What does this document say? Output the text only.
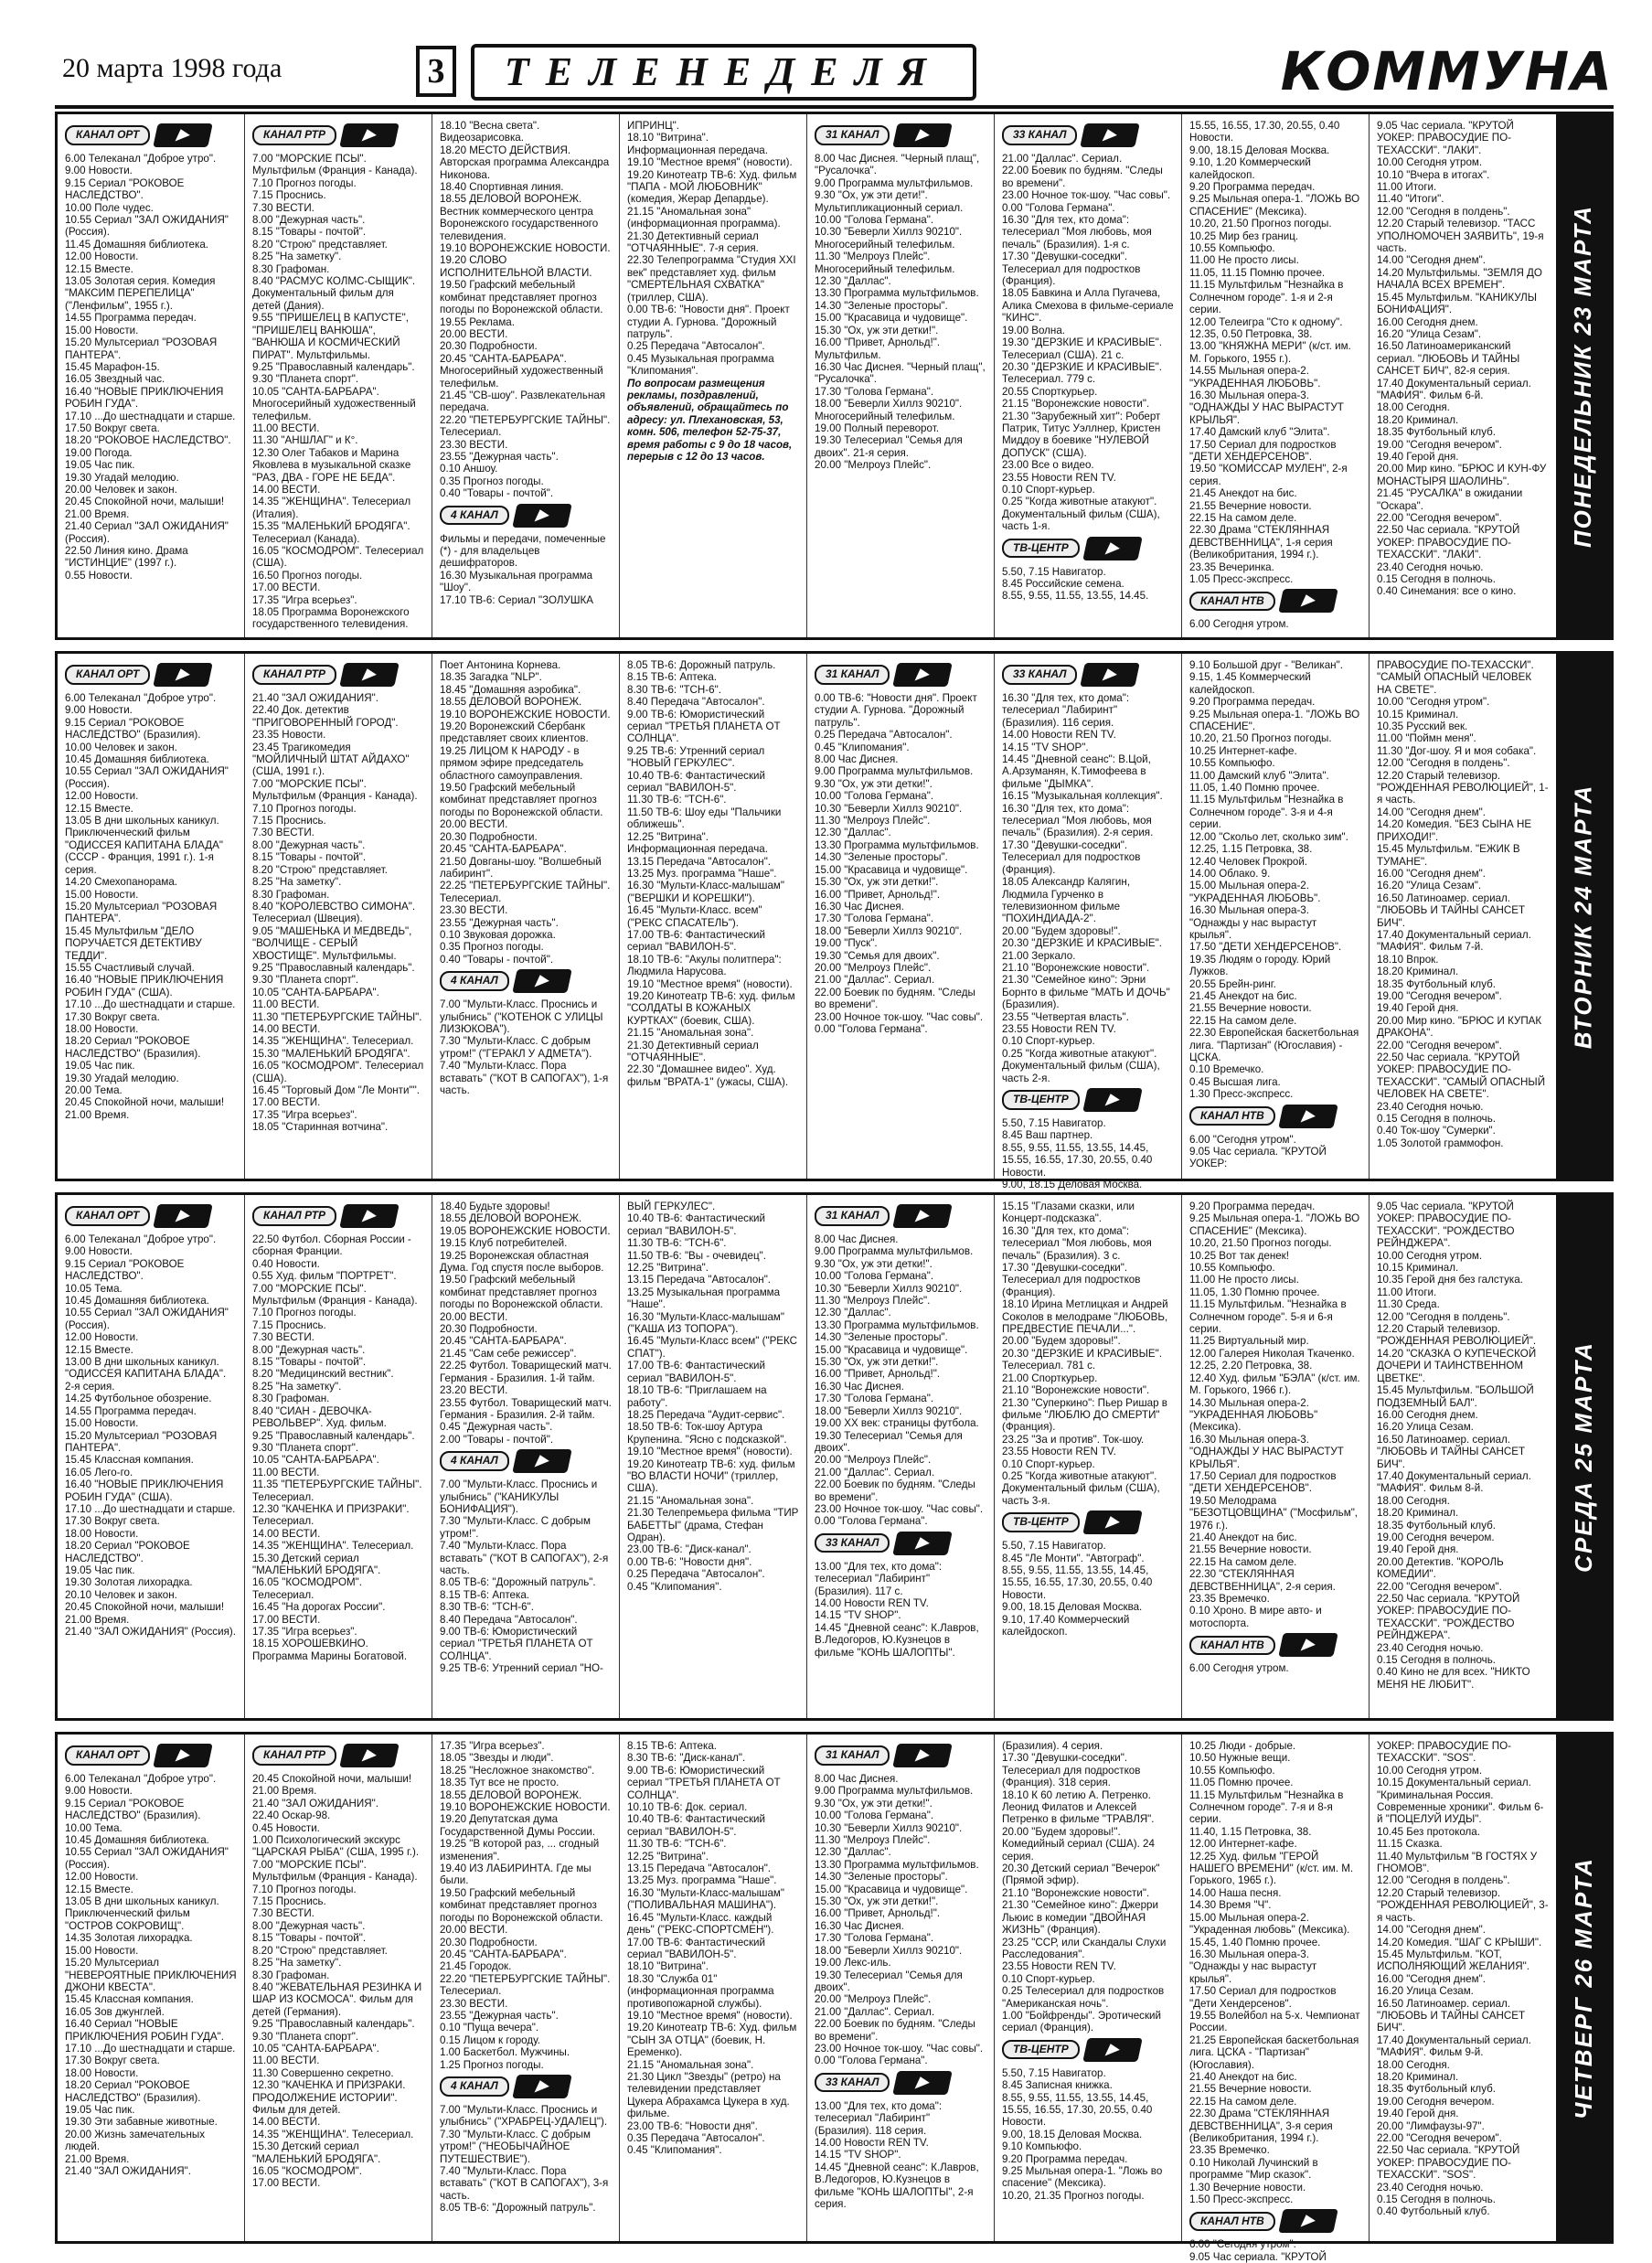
20 марта 1998 года	3	ТЕЛЕНЕДЕЛЯ	КОММУНА
КАНАЛ ОРТ	▶

6.00 Телеканал "Доброе утро".

9.00 Новости.

9.15 Сериал "РОКОВОЕ НАСЛЕДСТВО".

10.00 Поле чудес.

10.55 Сериал "ЗАЛ ОЖИДАНИЯ" (Россия).

11.45 Домашняя библиотека.

12.00 Новости.

12.15 Вместе.

13.05 Золотая серия. Комедия "МАКСИМ ПЕРЕПЕЛИЦА" ("Ленфильм", 1955 г.).

14.55 Программа передач.

15.00 Новости.

15.20 Мультсериал "РОЗОВАЯ ПАНТЕРА".

15.45 Марафон-15.

16.05 Звездный час.

16.40 "НОВЫЕ ПРИКЛЮЧЕНИЯ РОБИН ГУДА".

17.10 ...До шестнадцати и старше.

17.50 Вокруг света.

18.20 "РОКОВОЕ НАСЛЕДСТВО".

19.00 Погода.

19.05 Час пик.

19.30 Угадай мелодию.

20.00 Человек и закон.

20.45 Спокойной ночи, малыши!

21.00 Время.

21.40 Сериал "ЗАЛ ОЖИДАНИЯ" (Россия).

22.50 Линия кино. Драма "ИСТИНЦИЕ" (1997 г.).

0.55 Новости.

КАНАЛ РТР	▶

7.00 "МОРСКИЕ ПСЫ". Мультфильм (Франция - Канада).

7.10 Прогноз погоды.

7.15 Проснись.

7.30 ВЕСТИ.

8.00 "Дежурная часть".

8.15 "Товары - почтой".

8.20 "Строю" представляет.

8.25 "На заметку".

8.30 Графоман.

8.40 "РАСМУС КОЛМС-СЫЩИК". Документальный фильм для детей (Дания).

9.55 "ПРИШЕЛЕЦ В КАПУСТЕ", "ПРИШЕЛЕЦ ВАНЮША", "ВАНЮША И КОСМИЧЕСКИЙ ПИРАТ". Мультфильмы.

9.25 "Православный календарь".

9.30 "Планета спорт".

10.05 "САНТА-БАРБАРА". Многосерийный художественный телефильм.

11.00 ВЕСТИ.

11.30 "АНШЛАГ" и К°.

12.30 Олег Табаков и Марина Яковлева в музыкальной сказке "РАЗ, ДВА - ГОРЕ НЕ БЕДА".

14.00 ВЕСТИ.

14.35 "ЖЕНЩИНА". Телесериал (Италия).

15.35 "МАЛЕНЬКИЙ БРОДЯГА". Телесериал (Канада).

16.05 "КОСМОДРОМ". Телесериал (США).

16.50 Прогноз погоды.

17.00 ВЕСТИ.

17.35 "Игра всерьез".

18.05 Программа Воронежского государственного телевидения.

18.10 "Весна света". Видеозарисовка.

18.20 МЕСТО ДЕЙСТВИЯ. Авторская программа Александра Никонова.

18.40 Спортивная линия.

18.55 ДЕЛОВОЙ ВОРОНЕЖ. Вестник коммерческого центра Воронежского государственного телевидения.

19.10 ВОРОНЕЖСКИЕ НОВОСТИ.

19.20 СЛОВО ИСПОЛНИТЕЛЬНОЙ ВЛАСТИ.

19.50 Графский мебельный комбинат представляет прогноз погоды по Воронежской области.

19.55 Реклама.

20.00 ВЕСТИ.

20.30 Подробности.

20.45 "САНТА-БАРБАРА". Многосерийный художественный телефильм.

21.45 "СВ-шоу". Развлекательная передача.

22.20 "ПЕТЕРБУРГСКИЕ ТАЙНЫ". Телесериал.

23.30 ВЕСТИ.

23.55 "Дежурная часть".

0.10 Аншоу.

0.35 Прогноз погоды.

0.40 "Товары - почтой".

4 КАНАЛ	▶

Фильмы и передачи, помеченные (*) - для владельцев дешифраторов.

16.30 Музыкальная программа "Шоу".

17.10 ТВ-6: Сериал "ЗОЛУШКА

ИПРИНЦ".

18.10 "Витрина". Информационная передача.

19.10 "Местное время" (новости).

19.20 Кинотеатр ТВ-6: Худ. фильм "ПАПА - МОЙ ЛЮБОВНИК" (комедия, Жерар Депардье).

21.15 "Аномальная зона" (информационная программа).

21.30 Детективный сериал "ОТЧАЯННЫЕ". 7-я серия.

22.30 Телепрограмма "Студия XXI век" представляет худ. фильм "СМЕРТЕЛЬНАЯ СХВАТКА" (триллер, США).

0.00 ТВ-6: "Новости дня". Проект студии А. Гурнова. "Дорожный патруль".

0.25 Передача "Автосалон".

0.45 Музыкальная программа "Клипомания".

По вопросам размещения рекламы, поздравлений, объявлений, обращайтесь по адресу: ул. Плехановская, 53, комн. 506, телефон 52-75-37, время работы с 9 до 18 часов, перерыв с 12 до 13 часов.

31 КАНАЛ	▶

8.00 Час Диснея. "Черный плащ", "Русалочка".

9.00 Программа мультфильмов.

9.30 "Ох, уж эти дети!". Мультипликационный сериал.

10.00 "Голова Германа".

10.30 "Беверли Хиллз 90210". Многосерийный телефильм.

11.30 "Мелроуз Плейс". Многосерийный телефильм.

12.30 "Даллас".

13.30 Программа мультфильмов.

14.30 "Зеленые просторы".

15.00 "Красавица и чудовище".

15.30 "Ох, уж эти детки!".

16.00 "Привет, Арнольд!". Мультфильм.

16.30 Час Диснея. "Черный плащ", "Русалочка".

17.30 "Голова Германа".

18.00 "Беверли Хиллз 90210". Многосерийный телефильм.

19.00 Полный переворот.

19.30 Телесериал "Семья для двоих". 21-я серия.

20.00 "Мелроуз Плейс".

33 КАНАЛ	▶

21.00 "Даллас". Сериал.

22.00 Боевик по будням. "Следы во времени".

23.00 Ночное ток-шоу. "Час совы".

0.00 "Голова Германа".

16.30 "Для тех, кто дома": телесериал "Моя любовь, моя печаль" (Бразилия). 1-я с.

17.30 "Девушки-соседки". Телесериал для подростков (Франция).

18.05 Бавкина и Алла Пугачева, Алика Смехова в фильме-сериале "КИНС".

19.00 Волна.

19.30 "ДЕРЗКИЕ И КРАСИВЫЕ". Телесериал (США). 21 с.

20.30 "ДЕРЗКИЕ И КРАСИВЫЕ". Телесериал. 779 с.

20.55 Спорткурьер.

21.15 "Воронежские новости".

21.30 "Зарубежный хит": Роберт Патрик, Титус Уэллнер, Кристен Миддоу в боевике "НУЛЕВОЙ ДОПУСК" (США).

23.00 Все о видео.

23.55 Новости REN TV.

0.10 Спорт-курьер.

0.25 "Когда животные атакуют". Документальный фильм (США), часть 1-я.

ТВ-ЦЕНТР	▶

5.50, 7.15 Навигатор.

8.45 Российские семена.

8.55, 9.55, 11.55, 13.55, 14.45.

15.55, 16.55, 17.30, 20.55, 0.40 Новости.

9.00, 18.15 Деловая Москва.

9.10, 1.20 Коммерческий калейдоскоп.

9.20 Программа передач.

9.25 Мыльная опера-1. "ЛОЖЬ ВО СПАСЕНИЕ" (Мексика).

10.20, 21.50 Прогноз погоды.

10.25 Мир без границ.

10.55 Компьюфо.

11.00 Не просто лисы.

11.05, 11.15 Помню прочее.

11.15 Мультфильм "Незнайка в Солнечном городе". 1-я и 2-я серии.

12.00 Телеигра "Сто к одному".

12.35, 0.50 Петровка, 38.

13.00 "КНЯЖНА МЕРИ" (к/ст. им. М. Горького, 1955 г.).

14.55 Мыльная опера-2. "УКРАДЕННАЯ ЛЮБОВЬ".

16.30 Мыльная опера-3. "ОДНАЖДЫ У НАС ВЫРАСТУТ КРЫЛЬЯ".

17.40 Дамский клуб "Элита".

17.50 Сериал для подростков "ДЕТИ ХЕНДЕРСЕНОВ".

19.50 "КОМИССАР МУЛЕН", 2-я серия.

21.45 Анекдот на бис.

21.55 Вечерние новости.

22.15 На самом деле.

22.30 Драма "СТЕКЛЯННАЯ ДЕВСТВЕННИЦА", 1-я серия (Великобритания, 1994 г.).

23.35 Вечеринка.

1.05 Пресс-экспресс.

КАНАЛ НТВ	▶

6.00 Сегодня утром.

9.05 Час сериала. "КРУТОЙ УОКЕР: ПРАВОСУДИЕ ПО-ТЕХАССКИ". "ЛАКИ".

10.00 Сегодня утром.

10.10 "Вчера в итогах".

11.00 Итоги.

11.40 "Итоги".

12.00 "Сегодня в полдень".

12.20 Старый телевизор. "ТАСС УПОЛНОМОЧЕН ЗАЯВИТЬ", 19-я часть.

14.00 "Сегодня днем".

14.20 Мультфильмы. "ЗЕМЛЯ ДО НАЧАЛА ВСЕХ ВРЕМЕН".

15.45 Мультфильм. "КАНИКУЛЫ БОНИФАЦИЯ".

16.00 Сегодня днем.

16.20 "Улица Сезам".

16.50 Латиноамериканский сериал. "ЛЮБОВЬ И ТАЙНЫ САНСЕТ БИЧ", 82-я серия.

17.40 Документальный сериал. "МАФИЯ". Фильм 6-й.

18.00 Сегодня.

18.20 Криминал.

18.35 Футбольный клуб.

19.00 "Сегодня вечером".

19.40 Герой дня.

20.00 Мир кино. "БРЮС И КУН-ФУ МОНАСТЫРЯ ШАОЛИНЬ".

21.45 "РУСАЛКА" в ожидании "Оскара".

22.00 "Сегодня вечером".

22.50 Час сериала. "КРУТОЙ УОКЕР: ПРАВОСУДИЕ ПО-ТЕХАССКИ". "ЛАКИ".

23.40 Сегодня ночью.

0.15 Сегодня в полночь.

0.40 Синемания: все о кино.

ПОНЕДЕЛЬНИК 23 МАРТА
КАНАЛ ОРТ	▶

6.00 Телеканал "Доброе утро".

9.00 Новости.

9.15 Сериал "РОКОВОЕ НАСЛЕДСТВО" (Бразилия).

10.00 Человек и закон.

10.45 Домашняя библиотека.

10.55 Сериал "ЗАЛ ОЖИДАНИЯ" (Россия).

12.00 Новости.

12.15 Вместе.

13.05 В дни школьных каникул. Приключенческий фильм "ОДИССЕЯ КАПИТАНА БЛАДА" (СССР - Франция, 1991 г.). 1-я серия.

14.20 Смехопанорама.

15.00 Новости.

15.20 Мультсериал "РОЗОВАЯ ПАНТЕРА".

15.45 Мультфильм "ДЕЛО ПОРУЧАЕТСЯ ДЕТЕКТИВУ ТЕДДИ".

15.55 Счастливый случай.

16.40 "НОВЫЕ ПРИКЛЮЧЕНИЯ РОБИН ГУДА" (США).

17.10 ...До шестнадцати и старше.

17.30 Вокруг света.

18.00 Новости.

18.20 Сериал "РОКОВОЕ НАСЛЕДСТВО" (Бразилия).

19.05 Час пик.

19.30 Угадай мелодию.

20.00 Тема.

20.45 Спокойной ночи, малыши!

21.00 Время.

КАНАЛ РТР	▶

21.40 "ЗАЛ ОЖИДАНИЯ".

22.40 Док. детектив "ПРИГОВОРЕННЫЙ ГОРОД".

23.35 Новости.

23.45 Трагикомедия "МОЙЛИЧНЫЙ ШТАТ АЙДАХО" (США, 1991 г.).

7.00 "МОРСКИЕ ПСЫ". Мультфильм (Франция - Канада).

7.10 Прогноз погоды.

7.15 Проснись.

7.30 ВЕСТИ.

8.00 "Дежурная часть".

8.15 "Товары - почтой".

8.20 "Строю" представляет.

8.25 "На заметку".

8.30 Графоман.

8.40 "КОРОЛЕВСТВО СИМОНА". Телесериал (Швеция).

9.05 "МАШЕНЬКА И МЕДВЕДЬ", "ВОЛЧИЩЕ - СЕРЫЙ ХВОСТИЩЕ". Мультфильмы.

9.25 "Православный календарь".

9.30 "Планета спорт".

10.05 "САНТА-БАРБАРА".

11.00 ВЕСТИ.

11.30 "ПЕТЕРБУРГСКИЕ ТАЙНЫ".

14.00 ВЕСТИ.

14.35 "ЖЕНЩИНА". Телесериал.

15.30 "МАЛЕНЬКИЙ БРОДЯГА".

16.05 "КОСМОДРОМ". Телесериал (США).

16.45 "Торговый Дом "Ле Монти"".

17.00 ВЕСТИ.

17.35 "Игра всерьез".

18.05 "Старинная вотчина".

Поет Антонина Корнева.

18.35 Загадка "NLP".

18.45 "Домашняя аэробика".

18.55 ДЕЛОВОЙ ВОРОНЕЖ.

19.10 ВОРОНЕЖСКИЕ НОВОСТИ.

19.20 Воронежский Сбербанк представляет своих клиентов.

19.25 ЛИЦОМ К НАРОДУ - в прямом эфире председатель областного самоуправления.

19.50 Графский мебельный комбинат представляет прогноз погоды по Воронежской области.

20.00 ВЕСТИ.

20.30 Подробности.

20.45 "САНТА-БАРБАРА".

21.50 Довганы-шоу. "Волшебный лабиринт".

22.25 "ПЕТЕРБУРГСКИЕ ТАЙНЫ". Телесериал.

23.30 ВЕСТИ.

23.55 "Дежурная часть".

0.10 Звуковая дорожка.

0.35 Прогноз погоды.

0.40 "Товары - почтой".

4 КАНАЛ	▶

7.00 "Мульти-Класс. Проснись и улыбнись" ("КОТЕНОК С УЛИЦЫ ЛИЗЮКОВА").

7.30 "Мульти-Класс. С добрым утром!" ("ГЕРАКЛ У АДМЕТА").

7.40 "Мульти-Класс. Пора вставать" ("КОТ В САПОГАХ"), 1-я часть.

8.05 ТВ-6: Дорожный патруль.

8.15 ТВ-6: Аптека.

8.30 ТВ-6: "ТСН-6".

8.40 Передача "Автосалон".

9.00 ТВ-6: Юмористический сериал "ТРЕТЬЯ ПЛАНЕТА ОТ СОЛНЦА".

9.25 ТВ-6: Утренний сериал "НОВЫЙ ГЕРКУЛЕС".

10.40 ТВ-6: Фантастический сериал "ВАВИЛОН-5".

11.30 ТВ-6: "ТСН-6".

11.50 ТВ-6: Шоу еды "Пальчики оближешь".

12.25 "Витрина". Информационная передача.

13.15 Передача "Автосалон".

13.25 Муз. программа "Наше".

16.30 "Мульти-Класс-малышам" ("ВЕРШКИ И КОРЕШКИ").

16.45 "Мульти-Класс. всем" ("РЕКС СПАСАТЕЛЬ").

17.00 ТВ-6: Фантастический сериал "ВАВИЛОН-5".

18.10 ТВ-6: "Акулы политпера": Людмила Нарусова.

19.10 "Местное время" (новости).

19.20 Кинотеатр ТВ-6: худ. фильм "СОЛДАТЫ В КОЖАНЫХ КУРТКАХ" (боевик, США).

21.15 "Аномальная зона".

21.30 Детективный сериал "ОТЧАЯННЫЕ".

22.30 "Домашнее видео". Худ. фильм "ВРАТА-1" (ужасы, США).

31 КАНАЛ	▶

0.00 ТВ-6: "Новости дня". Проект студии А. Гурнова. "Дорожный патруль".

0.25 Передача "Автосалон".

0.45 "Клипомания".

8.00 Час Диснея.

9.00 Программа мультфильмов.

9.30 "Ох, уж эти детки!".

10.00 "Голова Германа".

10.30 "Беверли Хиллз 90210".

11.30 "Мелроуз Плейс".

12.30 "Даллас".

13.30 Программа мультфильмов.

14.30 "Зеленые просторы".

15.00 "Красавица и чудовище".

15.30 "Ох, уж эти детки!".

16.00 "Привет, Арнольд!".

16.30 Час Диснея.

17.30 "Голова Германа".

18.00 "Беверли Хиллз 90210".

19.00 "Пуск".

19.30 "Семья для двоих".

20.00 "Мелроуз Плейс".

21.00 "Даллас". Сериал.

22.00 Боевик по будням. "Следы во времени".

23.00 Ночное ток-шоу. "Час совы".

0.00 "Голова Германа".

33 КАНАЛ	▶

16.30 "Для тех, кто дома": телесериал "Лабиринт" (Бразилия). 116 серия.

14.00 Новости REN TV.

14.15 "TV SHOP".

14.45 "Дневной сеанс": В.Цой, А.Арзуманян, К.Тимофеева в фильме "ДЫМКА".

16.15 "Музыкальная коллекция".

16.30 "Для тех, кто дома": телесериал "Моя любовь, моя печаль" (Бразилия). 2-я серия.

17.30 "Девушки-соседки". Телесериал для подростков (Франция).

18.05 Александр Калягин, Людмила Гурченко в телевизионном фильме "ПОХИНДИАДА-2".

20.00 "Будем здоровы!".

20.30 "ДЕРЗКИЕ И КРАСИВЫЕ".

21.00 Зеркало.

21.10 "Воронежские новости".

21.30 "Семейное кино": Эрни Борнто в фильме "МАТЬ И ДОЧЬ" (Бразилия).

23.55 "Четвертая власть".

23.55 Новости REN TV.

0.10 Спорт-курьер.

0.25 "Когда животные атакуют". Документальный фильм (США), часть 2-я.

ТВ-ЦЕНТР	▶

5.50, 7.15 Навигатор.

8.45 Ваш партнер.

8.55, 9.55, 11.55, 13.55, 14.45, 15.55, 16.55, 17.30, 20.55, 0.40 Новости.

9.00, 18.15 Деловая Москва.

9.10 Большой друг - "Великан".

9.15, 1.45 Коммерческий калейдоскоп.

9.20 Программа передач.

9.25 Мыльная опера-1. "ЛОЖЬ ВО СПАСЕНИЕ".

10.20, 21.50 Прогноз погоды.

10.25 Интернет-кафе.

10.55 Компьюфо.

11.00 Дамский клуб "Элита".

11.05, 1.40 Помню прочее.

11.15 Мультфильм "Незнайка в Солнечном городе". 3-я и 4-я серии.

12.00 "Скольо лет, сколько зим".

12.25, 1.15 Петровка, 38.

12.40 Человек Прокрой.

14.00 Облако. 9.

15.00 Мыльная опера-2. "УКРАДЕННАЯ ЛЮБОВЬ".

16.30 Мыльная опера-3. "Однажды у нас вырастут крылья".

17.50 "ДЕТИ ХЕНДЕРСЕНОВ".

19.35 Людям о городу. Юрий Лужков.

20.55 Брейн-ринг.

21.45 Анекдот на бис.

21.55 Вечерние новости.

22.15 На самом деле.

22.30 Европейская баскетбольная лига. "Партизан" (Югославия) - ЦСКА.

0.10 Времечко.

0.45 Высшая лига.

1.30 Пресс-экспресс.

КАНАЛ НТВ	▶

6.00 "Сегодня утром".

9.05 Час сериала. "КРУТОЙ УОКЕР:

ПРАВОСУДИЕ ПО-ТЕХАССКИ". "САМЫЙ ОПАСНЫЙ ЧЕЛОВЕК НА СВЕТЕ".

10.00 "Сегодня утром".

10.15 Криминал.

10.35 Русский век.

11.00 "Поймн меня".

11.30 "Дог-шоу. Я и моя собака".

12.00 "Сегодня в полдень".

12.20 Старый телевизор. "РОЖДЕННАЯ РЕВОЛЮЦИЕЙ", 1-я часть.

14.00 "Сегодня днем".

14.20 Комедия. "БЕЗ СЫНА НЕ ПРИХОДИ!".

15.45 Мультфильм. "ЕЖИК В ТУМАНЕ".

16.00 "Сегодня днем".

16.20 "Улица Сезам".

16.50 Латиноамер. сериал. "ЛЮБОВЬ И ТАЙНЫ САНСЕТ БИЧ".

17.40 Документальный сериал. "МАФИЯ". Фильм 7-й.

18.10 Впрок.

18.20 Криминал.

18.35 Футбольный клуб.

19.00 "Сегодня вечером".

19.40 Герой дня.

20.00 Мир кино. "БРЮС И КУПАК ДРАКОНА".

22.00 "Сегодня вечером".

22.50 Час сериала. "КРУТОЙ УОКЕР: ПРАВОСУДИЕ ПО-ТЕХАССКИ". "САМЫЙ ОПАСНЫЙ ЧЕЛОВЕК НА СВЕТЕ".

23.40 Сегодня ночью.

0.15 Сегодня в полночь.

0.40 Ток-шоу "Сумерки".

1.05 Золотой граммофон.

ВТОРНИК 24 МАРТА
КАНАЛ ОРТ	▶

6.00 Телеканал "Доброе утро".

9.00 Новости.

9.15 Сериал "РОКОВОЕ НАСЛЕДСТВО".

10.05 Тема.

10.45 Домашняя библиотека.

10.55 Сериал "ЗАЛ ОЖИДАНИЯ" (Россия).

12.00 Новости.

12.15 Вместе.

13.00 В дни школьных каникул. "ОДИССЕЯ КАПИТАНА БЛАДА". 2-я серия.

14.25 Футбольное обозрение.

14.55 Программа передач.

15.00 Новости.

15.20 Мультсериал "РОЗОВАЯ ПАНТЕРА".

15.45 Классная компания.

16.05 Лего-го.

16.40 "НОВЫЕ ПРИКЛЮЧЕНИЯ РОБИН ГУДА" (США).

17.10 ...До шестнадцати и старше.

17.30 Вокруг света.

18.00 Новости.

18.20 Сериал "РОКОВОЕ НАСЛЕДСТВО".

19.05 Час пик.

19.30 Золотая лихорадка.

20.10 Человек и закон.

20.45 Спокойной ночи, малыши!

21.00 Время.

21.40 "ЗАЛ ОЖИДАНИЯ" (Россия).

КАНАЛ РТР	▶

22.50 Футбол. Сборная России - сборная Франции.

0.40 Новости.

0.55 Худ. фильм "ПОРТРЕТ".

7.00 "МОРСКИЕ ПСЫ". Мультфильм (Франция - Канада).

7.10 Прогноз погоды.

7.15 Проснись.

7.30 ВЕСТИ.

8.00 "Дежурная часть".

8.15 "Товары - почтой".

8.20 "Медицинский вестник".

8.25 "На заметку".

8.30 Графоман.

8.40 "СИАН - ДЕВОЧКА-РЕВОЛЬВЕР". Худ. фильм.

9.25 "Православный календарь".

9.30 "Планета спорт".

10.05 "САНТА-БАРБАРА".

11.00 ВЕСТИ.

11.35 "ПЕТЕРБУРГСКИЕ ТАЙНЫ". Телесериал.

12.30 "КАЧЕНКА И ПРИЗРАКИ". Телесериал.

14.00 ВЕСТИ.

14.35 "ЖЕНЩИНА". Телесериал.

15.30 Детский сериал "МАЛЕНЬКИЙ БРОДЯГА".

16.05 "КОСМОДРОМ". Телесериал.

16.45 "На дорогах России".

17.00 ВЕСТИ.

17.35 "Игра всерьез".

18.15 ХОРОШЕВКИНО. Программа Марины Богатовой.

18.40 Будьте здоровы!

18.55 ДЕЛОВОЙ ВОРОНЕЖ.

19.05 ВОРОНЕЖСКИЕ НОВОСТИ.

19.15 Клуб потребителей.

19.25 Воронежская областная Дума. Год спустя после выборов.

19.50 Графский мебельный комбинат представляет прогноз погоды по Воронежской области.

20.00 ВЕСТИ.

20.30 Подробности.

20.45 "САНТА-БАРБАРА".

21.45 "Сам себе режиссер".

22.25 Футбол. Товарищеский матч. Германия - Бразилия. 1-й тайм.

23.20 ВЕСТИ.

23.55 Футбол. Товарищеский матч. Германия - Бразилия. 2-й тайм.

0.45 "Дежурная часть".

2.00 "Товары - почтой".

4 КАНАЛ	▶

7.00 "Мульти-Класс. Проснись и улыбнись" ("КАНИКУЛЫ БОНИФАЦИЯ").

7.30 "Мульти-Класс. С добрым утром!".

7.40 "Мульти-Класс. Пора вставать" ("КОТ В САПОГАХ"), 2-я часть.

8.05 ТВ-6: "Дорожный патруль".

8.15 ТВ-6: Аптека.

8.30 ТВ-6: "ТСН-6".

8.40 Передача "Автосалон".

9.00 ТВ-6: Юмористический сериал "ТРЕТЬЯ ПЛАНЕТА ОТ СОЛНЦА".

9.25 ТВ-6: Утренний сериал "НО-

ВЫЙ ГЕРКУЛЕС".

10.40 ТВ-6: Фантастический сериал "ВАВИЛОН-5".

11.30 ТВ-6: "ТСН-6".

11.50 ТВ-6: "Вы - очевидец".

12.25 "Витрина".

13.15 Передача "Автосалон".

13.25 Музыкальная программа "Наше".

16.30 "Мульти-Класс-малышам" ("КАША ИЗ ТОПОРА").

16.45 "Мульти-Класс всем" ("РЕКС СПАТ").

17.00 ТВ-6: Фантастический сериал "ВАВИЛОН-5".

18.10 ТВ-6: "Приглашаем на работу".

18.25 Передача "Аудит-сервис".

18.50 ТВ-6: Ток-шоу Артура Крупенина. "Ясно с подсказкой".

19.10 "Местное время" (новости).

19.20 Кинотеатр ТВ-6: худ. фильм "ВО ВЛАСТИ НОЧИ" (триллер, США).

21.15 "Аномальная зона".

21.30 Телепремьера фильма "ТИР БАБЕТТЫ" (драма, Стефан Одран).

23.00 ТВ-6: "Диск-канал".

0.00 ТВ-6: "Новости дня".

0.25 Передача "Автосалон".

0.45 "Клипомания".

31 КАНАЛ	▶

8.00 Час Диснея.

9.00 Программа мультфильмов.

9.30 "Ох, уж эти детки!".

10.00 "Голова Германа".

10.30 "Беверли Хиллз 90210".

11.30 "Мелроуз Плейс".

12.30 "Даллас".

13.30 Программа мультфильмов.

14.30 "Зеленые просторы".

15.00 "Красавица и чудовище".

15.30 "Ох, уж эти детки!".

16.00 "Привет, Арнольд!".

16.30 Час Диснея.

17.30 "Голова Германа".

18.00 "Беверли Хиллз 90210".

19.00 XX век: страницы футбола.

19.30 Телесериал "Семья для двоих".

20.00 "Мелроуз Плейс".

21.00 "Даллас". Сериал.

22.00 Боевик по будням. "Следы во времени".

23.00 Ночное ток-шоу. "Час совы".

0.00 "Голова Германа".

33 КАНАЛ	▶

13.00 "Для тех, кто дома": телесериал "Лабиринт" (Бразилия). 117 с.

14.00 Новости REN TV.

14.15 "TV SHOP".

14.45 "Дневной сеанс": К.Лавров, В.Ледогоров, Ю.Кузнецов в фильме "КОНЬ ШАЛОПТЫ".

15.15 "Глазами сказки, или Концерт-подсказка".

16.30 "Для тех, кто дома": телесериал "Моя любовь, моя печаль" (Бразилия). 3 с.

17.30 "Девушки-соседки". Телесериал для подростков (Франция).

18.10 Ирина Метлицкая и Андрей Соколов в мелодраме "ЛЮБОВЬ, ПРЕДВЕСТИЕ ПЕЧАЛИ...".

20.00 "Будем здоровы!".

20.30 "ДЕРЗКИЕ И КРАСИВЫЕ". Телесериал. 781 с.

21.00 Спорткурьер.

21.10 "Воронежские новости".

21.30 "Суперкино": Пьер Ришар в фильме "ЛЮБЛЮ ДО СМЕРТИ" (Франция).

23.25 "За и против". Ток-шоу.

23.55 Новости REN TV.

0.10 Спорт-курьер.

0.25 "Когда животные атакуют". Документальный фильм (США), часть 3-я.

ТВ-ЦЕНТР	▶

5.50, 7.15 Навигатор.

8.45 "Ле Монти". "Автограф".

8.55, 9.55, 11.55, 13.55, 14.45, 15.55, 16.55, 17.30, 20.55, 0.40 Новости.

9.00, 18.15 Деловая Москва.

9.10, 17.40 Коммерческий калейдоскоп.

9.20 Программа передач.

9.25 Мыльная опера-1. "ЛОЖЬ ВО СПАСЕНИЕ" (Мексика).

10.20, 21.50 Прогноз погоды.

10.25 Вот так денек!

10.55 Компьюфо.

11.00 Не просто лисы.

11.05, 1.30 Помню прочее.

11.15 Мультфильм. "Незнайка в Солнечном городе". 5-я и 6-я серии.

11.25 Виртуальный мир.

12.00 Галерея Николая Ткаченко.

12.25, 2.20 Петровка, 38.

12.40 Худ. фильм "БЭЛА" (к/ст. им. М. Горького, 1966 г.).

14.30 Мыльная опера-2. "УКРАДЕННАЯ ЛЮБОВЬ" (Мексика).

16.30 Мыльная опера-3. "ОДНАЖДЫ У НАС ВЫРАСТУТ КРЫЛЬЯ".

17.50 Сериал для подростков "ДЕТИ ХЕНДЕРСЕНОВ".

19.50 Мелодрама "БЕЗОТЦОВЩИНА" ("Мосфильм", 1976 г.).

21.40 Анекдот на бис.

21.55 Вечерние новости.

22.15 На самом деле.

22.30 "СТЕКЛЯННАЯ ДЕВСТВЕННИЦА", 2-я серия.

23.35 Времечко.

0.10 Хроно. В мире авто- и мотоспорта.

КАНАЛ НТВ	▶

6.00 Сегодня утром.

9.05 Час сериала. "КРУТОЙ УОКЕР: ПРАВОСУДИЕ ПО-ТЕХАССКИ". "РОЖДЕСТВО РЕЙНДЖЕРА".

10.00 Сегодня утром.

10.15 Криминал.

10.35 Герой дня без галстука.

11.00 Итоги.

11.30 Среда.

12.00 "Сегодня в полдень".

12.20 Старый телевизор. "РОЖДЕННАЯ РЕВОЛЮЦИЕЙ".

14.20 "СКАЗКА О КУПЕЧЕСКОЙ ДОЧЕРИ И ТАИНСТВЕННОМ ЦВЕТКЕ".

15.45 Мультфильм. "БОЛЬШОЙ ПОДЗЕМНЫЙ БАЛ".

16.00 Сегодня днем.

16.20 Улица Сезам.

16.50 Латиноамер. сериал. "ЛЮБОВЬ И ТАЙНЫ САНСЕТ БИЧ".

17.40 Документальный сериал. "МАФИЯ". Фильм 8-й.

18.00 Сегодня.

18.20 Криминал.

18.35 Футбольный клуб.

19.00 Сегодня вечером.

19.40 Герой дня.

20.00 Детектив. "КОРОЛЬ КОМЕДИИ".

22.00 "Сегодня вечером".

22.50 Час сериала. "КРУТОЙ УОКЕР: ПРАВОСУДИЕ ПО-ТЕХАССКИ". "РОЖДЕСТВО РЕЙНДЖЕРА".

23.40 Сегодня ночью.

0.15 Сегодня в полночь.

0.40 Кино не для всех. "НИКТО МЕНЯ НЕ ЛЮБИТ".

СРЕДА 25 МАРТА
КАНАЛ ОРТ	▶

6.00 Телеканал "Доброе утро".

9.00 Новости.

9.15 Сериал "РОКОВОЕ НАСЛЕДСТВО" (Бразилия).

10.00 Тема.

10.45 Домашняя библиотека.

10.55 Сериал "ЗАЛ ОЖИДАНИЯ" (Россия).

12.00 Новости.

12.15 Вместе.

13.05 В дни школьных каникул. Приключенческий фильм "ОСТРОВ СОКРОВИЩ".

14.35 Золотая лихорадка.

15.00 Новости.

15.20 Мультсериал "НЕВЕРОЯТНЫЕ ПРИКЛЮЧЕНИЯ ДЖОНИ КВЕСТА".

15.45 Классная компания.

16.05 Зов джунглей.

16.40 Сериал "НОВЫЕ ПРИКЛЮЧЕНИЯ РОБИН ГУДА".

17.10 ...До шестнадцати и старше.

17.30 Вокруг света.

18.00 Новости.

18.20 Сериал "РОКОВОЕ НАСЛЕДСТВО" (Бразилия).

19.05 Час пик.

19.30 Эти забавные животные.

20.00 Жизнь замечательных людей.

21.00 Время.

21.40 "ЗАЛ ОЖИДАНИЯ".

КАНАЛ РТР	▶

20.45 Спокойной ночи, малыши!

21.00 Время.

21.40 "ЗАЛ ОЖИДАНИЯ".

22.40 Оскар-98.

0.45 Новости.

1.00 Психологический экскурс "ЦАРСКАЯ РЫБА" (США, 1995 г.).

7.00 "МОРСКИЕ ПСЫ". Мультфильм (Франция - Канада).

7.10 Прогноз погоды.

7.15 Проснись.

7.30 ВЕСТИ.

8.00 "Дежурная часть".

8.15 "Товары - почтой".

8.20 "Строю" представляет.

8.25 "На заметку".

8.30 Графоман.

8.40 "ЖЕВАТЕЛЬНАЯ РЕЗИНКА И ШАР ИЗ КОСМОСА". Фильм для детей (Германия).

9.25 "Православный календарь".

9.30 "Планета спорт".

10.05 "САНТА-БАРБАРА".

11.00 ВЕСТИ.

11.30 Совершенно секретно.

12.30 "КАЧЕНКА И ПРИЗРАКИ. ПРОДОЛЖЕНИЕ ИСТОРИИ". Фильм для детей.

14.00 ВЕСТИ.

14.35 "ЖЕНЩИНА". Телесериал.

15.30 Детский сериал "МАЛЕНЬКИЙ БРОДЯГА".

16.05 "КОСМОДРОМ".

17.00 ВЕСТИ.

17.35 "Игра всерьез".

18.05 "Звезды и люди".

18.25 "Несложное знакомство".

18.35 Тут все не просто.

18.55 ДЕЛОВОЙ ВОРОНЕЖ.

19.10 ВОРОНЕЖСКИЕ НОВОСТИ.

19.20 Депутатская дума Государственной Думы России.

19.25 "В которой раз, ... сгодный изменения".

19.40 ИЗ ЛАБИРИНТА. Где мы были.

19.50 Графский мебельный комбинат представляет прогноз погоды по Воронежской области.

20.00 ВЕСТИ.

20.30 Подробности.

20.45 "САНТА-БАРБАРА".

21.45 Городок.

22.20 "ПЕТЕРБУРГСКИЕ ТАЙНЫ". Телесериал.

23.30 ВЕСТИ.

23.55 "Дежурная часть".

0.10 "Пуща вечера".

0.15 Лицом к городу.

1.00 Баскетбол. Мужчины.

1.25 Прогноз погоды.

4 КАНАЛ	▶

7.00 "Мульти-Класс. Проснись и улыбнись" ("ХРАБРЕЦ-УДАЛЕЦ").

7.30 "Мульти-Класс. С добрым утром!" ("НЕОБЫЧАЙНОЕ ПУТЕШЕСТВИЕ").

7.40 "Мульти-Класс. Пора вставать" ("КОТ В САПОГАХ"), 3-я часть.

8.05 ТВ-6: "Дорожный патруль".

8.15 ТВ-6: Аптека.

8.30 ТВ-6: "Диск-канал".

9.00 ТВ-6: Юмористический сериал "ТРЕТЬЯ ПЛАНЕТА ОТ СОЛНЦА".

10.10 ТВ-6: Док. сериал.

10.40 ТВ-6: Фантастический сериал "ВАВИЛОН-5".

11.30 ТВ-6: "ТСН-6".

12.25 "Витрина".

13.15 Передача "Автосалон".

13.25 Муз. программа "Наше".

16.30 "Мульти-Класс-малышам" ("ПОЛИВАЛЬНАЯ МАШИНА").

16.45 "Мульти-Класс. каждый день" ("РЕКС-СПОРТСМЕН").

17.00 ТВ-6: Фантастический сериал "ВАВИЛОН-5".

18.10 "Витрина".

18.30 "Служба 01" (информационная программа противопожарной службы).

19.10 "Местное время" (новости).

19.20 Кинотеатр ТВ-6: Худ. фильм "СЫН ЗА ОТЦА" (боевик, Н. Еременко).

21.15 "Аномальная зона".

21.30 Цикл "Звезды" (ретро) на телевидении представляет Цукера Абрахамса Цукера в худ. фильме.

23.00 ТВ-6: "Новости дня".

0.35 Передача "Автосалон".

0.45 "Клипомания".

31 КАНАЛ	▶

8.00 Час Диснея.

9.00 Программа мультфильмов.

9.30 "Ох, уж эти детки!".

10.00 "Голова Германа".

10.30 "Беверли Хиллз 90210".

11.30 "Мелроуз Плейс".

12.30 "Даллас".

13.30 Программа мультфильмов.

14.30 "Зеленые просторы".

15.00 "Красавица и чудовище".

15.30 "Ох, уж эти детки!".

16.00 "Привет, Арнольд!".

16.30 Час Диснея.

17.30 "Голова Германа".

18.00 "Беверли Хиллз 90210".

19.00 Лекс-иль.

19.30 Телесериал "Семья для двоих".

20.00 "Мелроуз Плейс".

21.00 "Даллас". Сериал.

22.00 Боевик по будням. "Следы во времени".

23.00 Ночное ток-шоу. "Час совы".

0.00 "Голова Германа".

33 КАНАЛ	▶

13.00 "Для тех, кто дома": телесериал "Лабиринт" (Бразилия). 118 серия.

14.00 Новости REN TV.

14.15 "TV SHOP".

14.45 "Дневной сеанс": К.Лавров, В.Ледогоров, Ю.Кузнецов в фильме "КОНЬ ШАЛОПТЫ", 2-я серия.

(Бразилия). 4 серия.

17.30 "Девушки-соседки". Телесериал для подростков (Франция). 318 серия.

18.10 К 60 летию А. Петренко. Леонид Филатов и Алексей Петренко в фильме "ТРАВЛЯ".

20.00 "Будем здоровы!". Комедийный сериал (США). 24 серия.

20.30 Детский сериал "Вечерок" (Прямой эфир).

21.10 "Воронежские новости".

21.30 "Семейное кино": Джерри Льюис в комедии "ДВОЙНАЯ ЖИЗНЬ" (Франция).

23.25 "ССР, или Скандалы Слухи Расследования".

23.55 Новости REN TV.

0.10 Спорт-курьер.

0.25 Телесериал для подростков "Американская ночь".

1.00 "Бойфренды". Эротический сериал (Франция).

ТВ-ЦЕНТР	▶

5.50, 7.15 Навигатор.

8.45 Записная книжка.

8.55, 9.55, 11.55, 13.55, 14.45, 15.55, 16.55, 17.30, 20.55, 0.40 Новости.

9.00, 18.15 Деловая Москва.

9.10 Компьюфо.

9.20 Программа передач.

9.25 Мыльная опера-1. "Ложь во спасение" (Мексика).

10.20, 21.35 Прогноз погоды.

10.25 Люди - добрые.

10.50 Нужные вещи.

10.55 Компьюфо.

11.05 Помню прочее.

11.15 Мультфильм "Незнайка в Солнечном городе". 7-я и 8-я серии.

11.40, 1.15 Петровка, 38.

12.00 Интернет-кафе.

12.25 Худ. фильм "ГЕРОЙ НАШЕГО ВРЕМЕНИ" (к/ст. им. М. Горького, 1965 г.).

14.00 Наша песня.

14.30 Время "Ч".

15.00 Мыльная опера-2. "Украденная любовь" (Мексика).

15.45, 1.40 Помню прочее.

16.30 Мыльная опера-3. "Однажды у нас вырастут крылья".

17.50 Сериал для подростков "Дети Хендерсенов".

19.55 Волейбол на 5-х. Чемпионат России.

21.25 Европейская баскетбольная лига. ЦСКА - "Партизан" (Югославия).

21.40 Анекдот на бис.

21.55 Вечерние новости.

22.15 На самом деле.

22.30 Драма "СТЕКЛЯННАЯ ДЕВСТВЕННИЦА", 3-я серия (Великобритания, 1994 г.).

23.35 Времечко.

0.10 Николай Лучинский в программе "Мир сказок".

1.30 Вечерние новости.

1.50 Пресс-экспресс.

КАНАЛ НТВ	▶

6.00 "Сегодня утром".

9.05 Час сериала. "КРУТОЙ

УОКЕР: ПРАВОСУДИЕ ПО-ТЕХАССКИ". "SOS".

10.00 Сегодня утром.

10.15 Документальный сериал. "Криминальная Россия. Современные хроники". Фильм 6-й "ПОЦЕЛУЙ ИУДЫ".

10.45 Без протокола.

11.15 Сказка.

11.40 Мультфильм "В ГОСТЯХ У ГНОМОВ".

12.00 "Сегодня в полдень".

12.20 Старый телевизор. "РОЖДЕННАЯ РЕВОЛЮЦИЕЙ", 3-я часть.

14.00 "Сегодня днем".

14.20 Комедия. "ШАГ С КРЫШИ".

15.45 Мультфильм. "КОТ, ИСПОЛНЯЮЩИЙ ЖЕЛАНИЯ".

16.00 "Сегодня днем".

16.20 Улица Сезам.

16.50 Латиноамер. сериал. "ЛЮБОВЬ И ТАЙНЫ САНСЕТ БИЧ".

17.40 Документальный сериал. "МАФИЯ". Фильм 9-й.

18.00 Сегодня.

18.20 Криминал.

18.35 Футбольный клуб.

19.00 Сегодня вечером.

19.40 Герой дня.

20.00 "Лимфаузы-97".

22.00 "Сегодня вечером".

22.50 Час сериала. "КРУТОЙ УОКЕР: ПРАВОСУДИЕ ПО-ТЕХАССКИ". "SOS".

23.40 Сегодня ночью.

0.15 Сегодня в полночь.

0.40 Футбольный клуб.

ЧЕТВЕРГ 26 МАРТА
